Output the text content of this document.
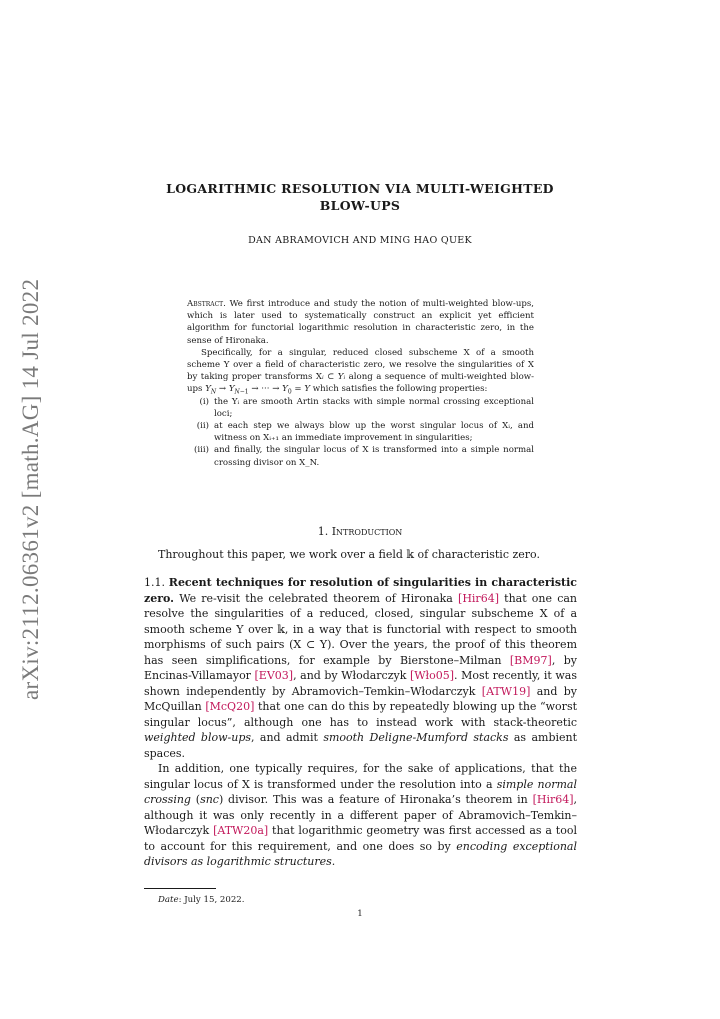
arXiv:2112.06361v2 [math.AG] 14 Jul 2022
LOGARITHMIC RESOLUTION VIA MULTI-WEIGHTED BLOW-UPS
DAN ABRAMOVICH AND MING HAO QUEK

Abstract. We first introduce and study the notion of multi-weighted blow-ups, which is later used to systematically construct an explicit yet efficient algorithm for functorial logarithmic resolution in characteristic zero, in the sense of Hironaka.

Specifically, for a singular, reduced closed subscheme X of a smooth scheme Y over a field of characteristic zero, we resolve the singularities of X by taking proper transforms Xᵢ ⊂ Yᵢ along a sequence of multi-weighted blow-ups $Y_N \to Y_{N-1}$ → ··· → $Y_0 = Y$ which satisfies the following properties:

(i) the Yᵢ are smooth Artin stacks with simple normal crossing exceptional loci;
(ii) at each step we always blow up the worst singular locus of Xᵢ, and witness on Xᵢ₊₁ an immediate improvement in singularities;
(iii) and finally, the singular locus of X is transformed into a simple normal crossing divisor on X_N.
1. Introduction
Throughout this paper, we work over a field 𝕜 of characteristic zero.

1.1. Recent techniques for resolution of singularities in characteristic zero. We re-visit the celebrated theorem of Hironaka [Hir64] that one can resolve the singularities of a reduced, closed, singular subscheme X of a smooth scheme Y over 𝕜, in a way that is functorial with respect to smooth morphisms of such pairs (X ⊂ Y). Over the years, the proof of this theorem has seen simplifications, for example by Bierstone–Milman [BM97], by Encinas-Villamayor [EV03], and by Włodarczyk [Wło05]. Most recently, it was shown independently by Abramovich–Temkin–Włodarczyk [ATW19] and by McQuillan [McQ20] that one can do this by repeatedly blowing up the “worst singular locus”, although one has to instead work with stack-theoretic weighted blow-ups, and admit smooth Deligne-Mumford stacks as ambient spaces.

In addition, one typically requires, for the sake of applications, that the singular locus of X is transformed under the resolution into a simple normal crossing (snc) divisor. This was a feature of Hironaka’s theorem in [Hir64], although it was only recently in a different paper of Abramovich–Temkin–Włodarczyk [ATW20a] that logarithmic geometry was first accessed as a tool to account for this requirement, and one does so by encoding exceptional divisors as logarithmic structures.

Date: July 15, 2022.
1
